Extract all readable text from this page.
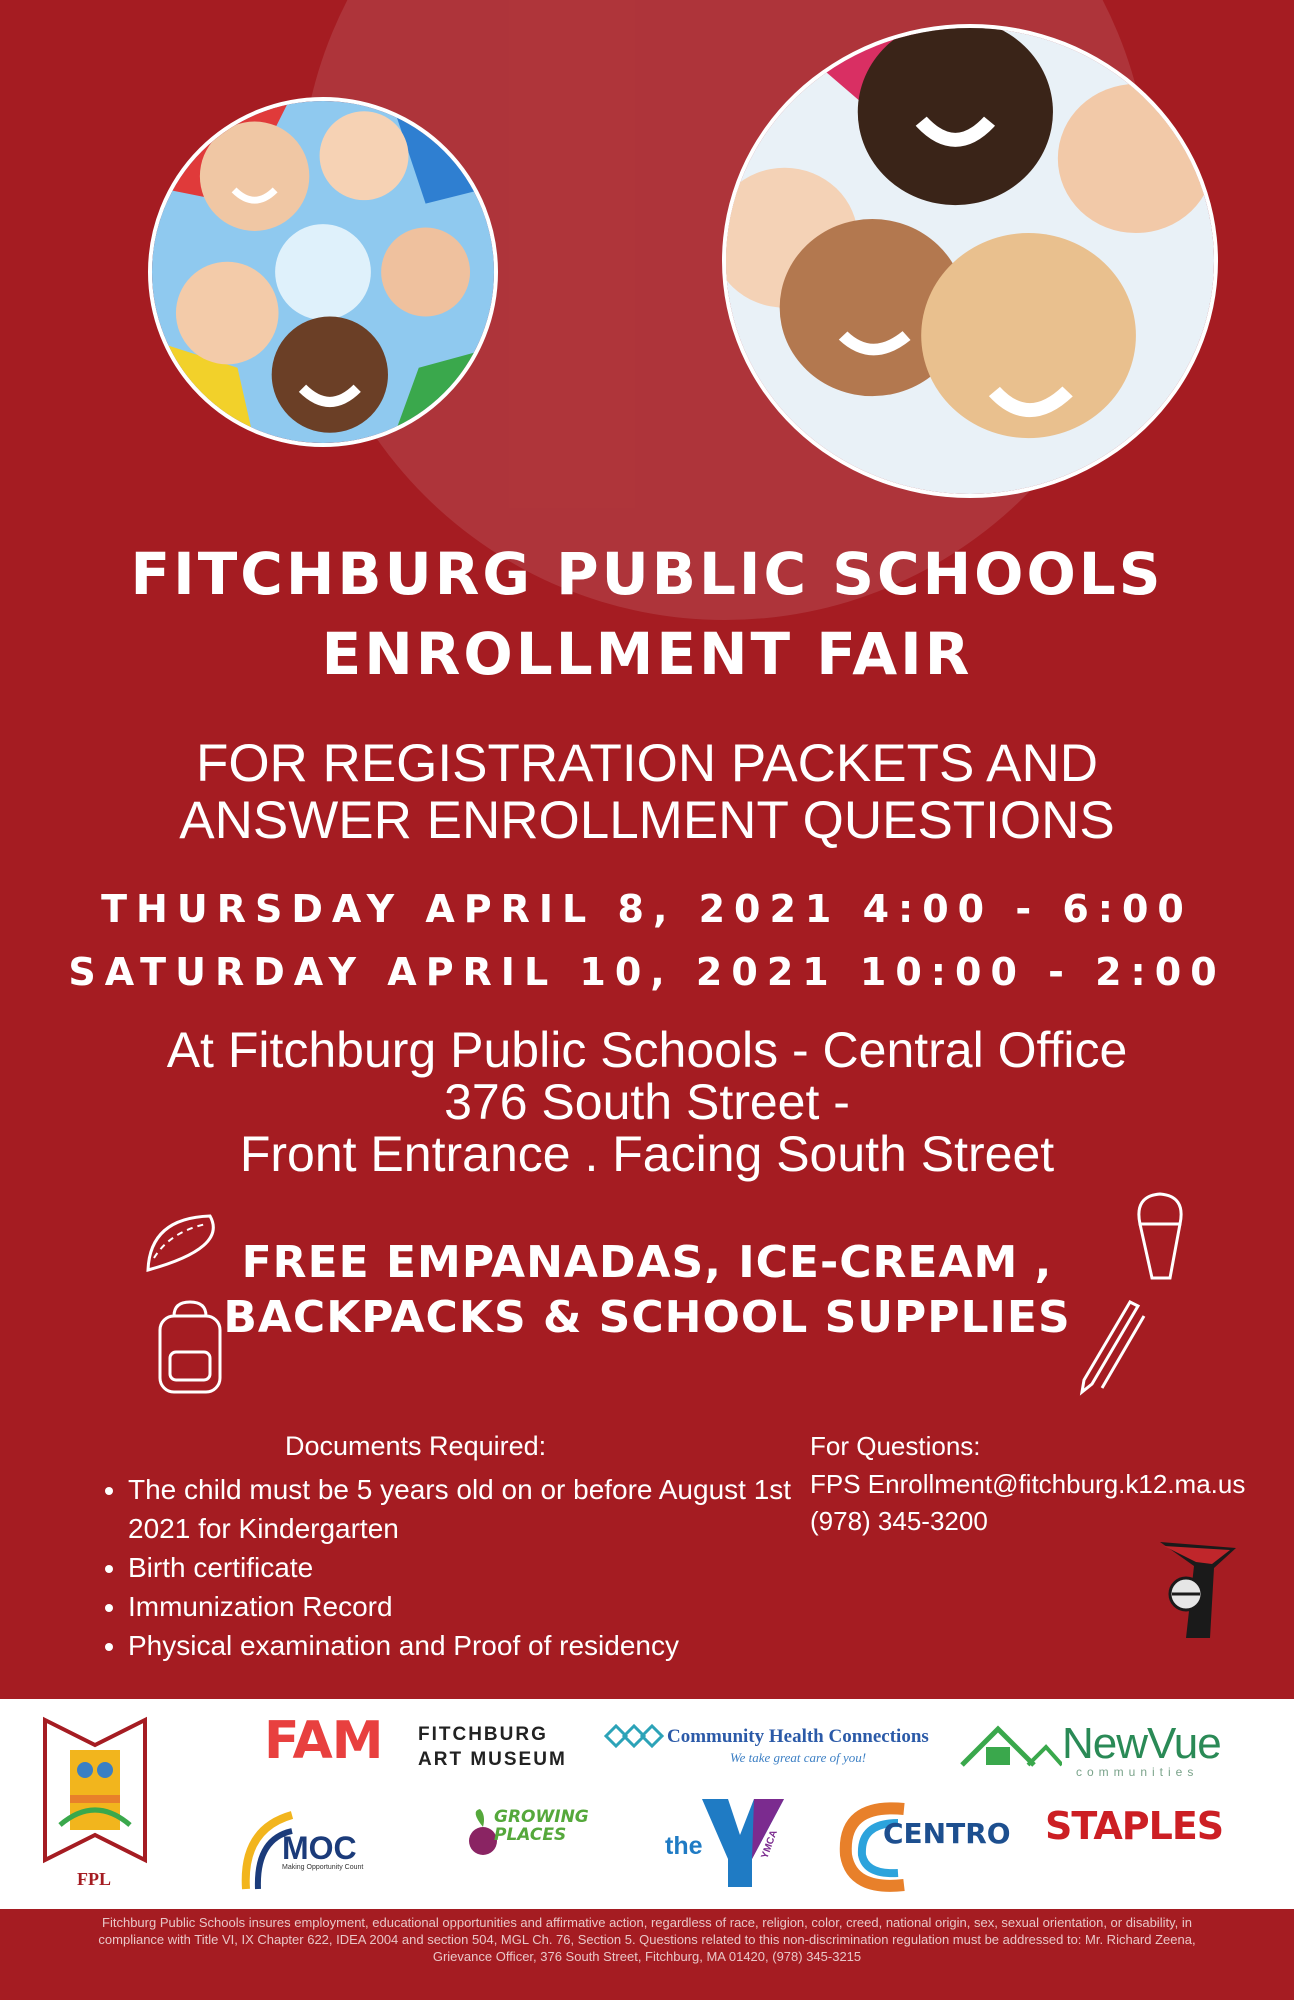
FITCHBURG PUBLIC SCHOOLS
ENROLLMENT FAIR
FOR REGISTRATION PACKETS AND
ANSWER ENROLLMENT QUESTIONS
THURSDAY APRIL 8, 2021 4:00 - 6:00
SATURDAY APRIL 10, 2021 10:00 - 2:00
At Fitchburg Public Schools - Central Office
376 South Street -
Front Entrance . Facing South Street
FREE EMPANADAS, ICE-CREAM ,
BACKPACKS & SCHOOL SUPPLIES
Documents Required:
• The child must be 5 years old on or before August 1st 2021 for Kindergarten
• Birth certificate
• Immunization Record
• Physical examination and Proof of residency
For Questions:
FPS Enrollment@fitchburg.k12.ma.us
(978) 345-3200
FPL
FAM FITCHBURG
ART MUSEUM
Community Health Connections
We take great care of you!	NewVue
communities
MOC
Making Opportunity Count
GROWING PLACES	the	YMCA	CENTRO STAPLES
Fitchburg Public Schools insures employment, educational opportunities and affirmative action, regardless of race, religion, color, creed, national origin, sex, sexual orientation, or disability, in compliance with Title VI, IX Chapter 622, IDEA 2004 and section 504, MGL Ch. 76, Section 5. Questions related to this non-discrimination regulation must be addressed to: Mr. Richard Zeena, Grievance Officer, 376 South Street, Fitchburg, MA 01420, (978) 345-3215
